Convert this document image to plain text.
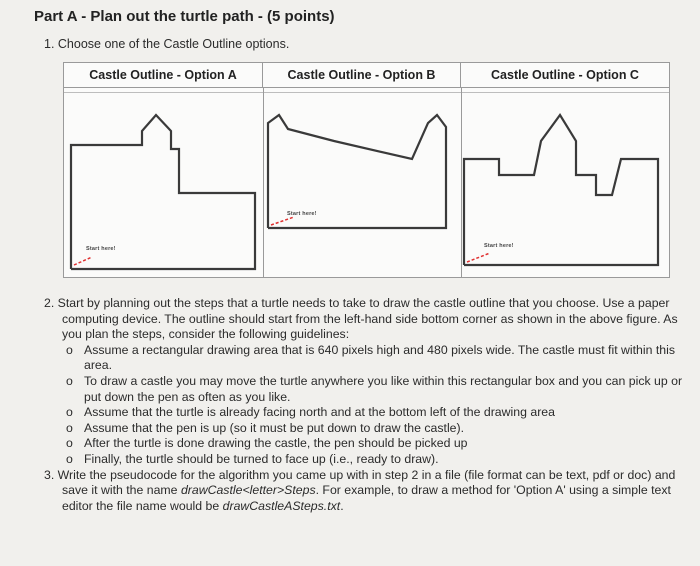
Part A - Plan out the turtle path - (5 points)
1. Choose one of the Castle Outline options.
Castle Outline - Option A	Castle Outline - Option B	Castle Outline - Option C
Start here!
Start here!
Start here!

2. Start by planning out the steps that a turtle needs to take to draw the castle outline that you choose. Use a paper
computing device. The outline should start from the left-hand side bottom corner as shown in the above figure. As
you plan the steps, consider the following guidelines:

o Assume a rectangular drawing area that is 640 pixels high and 480 pixels wide. The castle must fit within this
area.
o To draw a castle you may move the turtle anywhere you like within this rectangular box and you can pick up or
put down the pen as often as you like.
o Assume that the turtle is already facing north and at the bottom left of the drawing area
o Assume that the pen is up (so it must be put down to draw the castle).
o After the turtle is done drawing the castle, the pen should be picked up
o Finally, the turtle should be turned to face up (i.e., ready to draw).

3. Write the pseudocode for the algorithm you came up with in step 2 in a file (file format can be text, pdf or doc) and
save it with the name drawCastle<letter>Steps. For example, to draw a method for 'Option A' using a simple text
editor the file name would be drawCastleASteps.txt.
